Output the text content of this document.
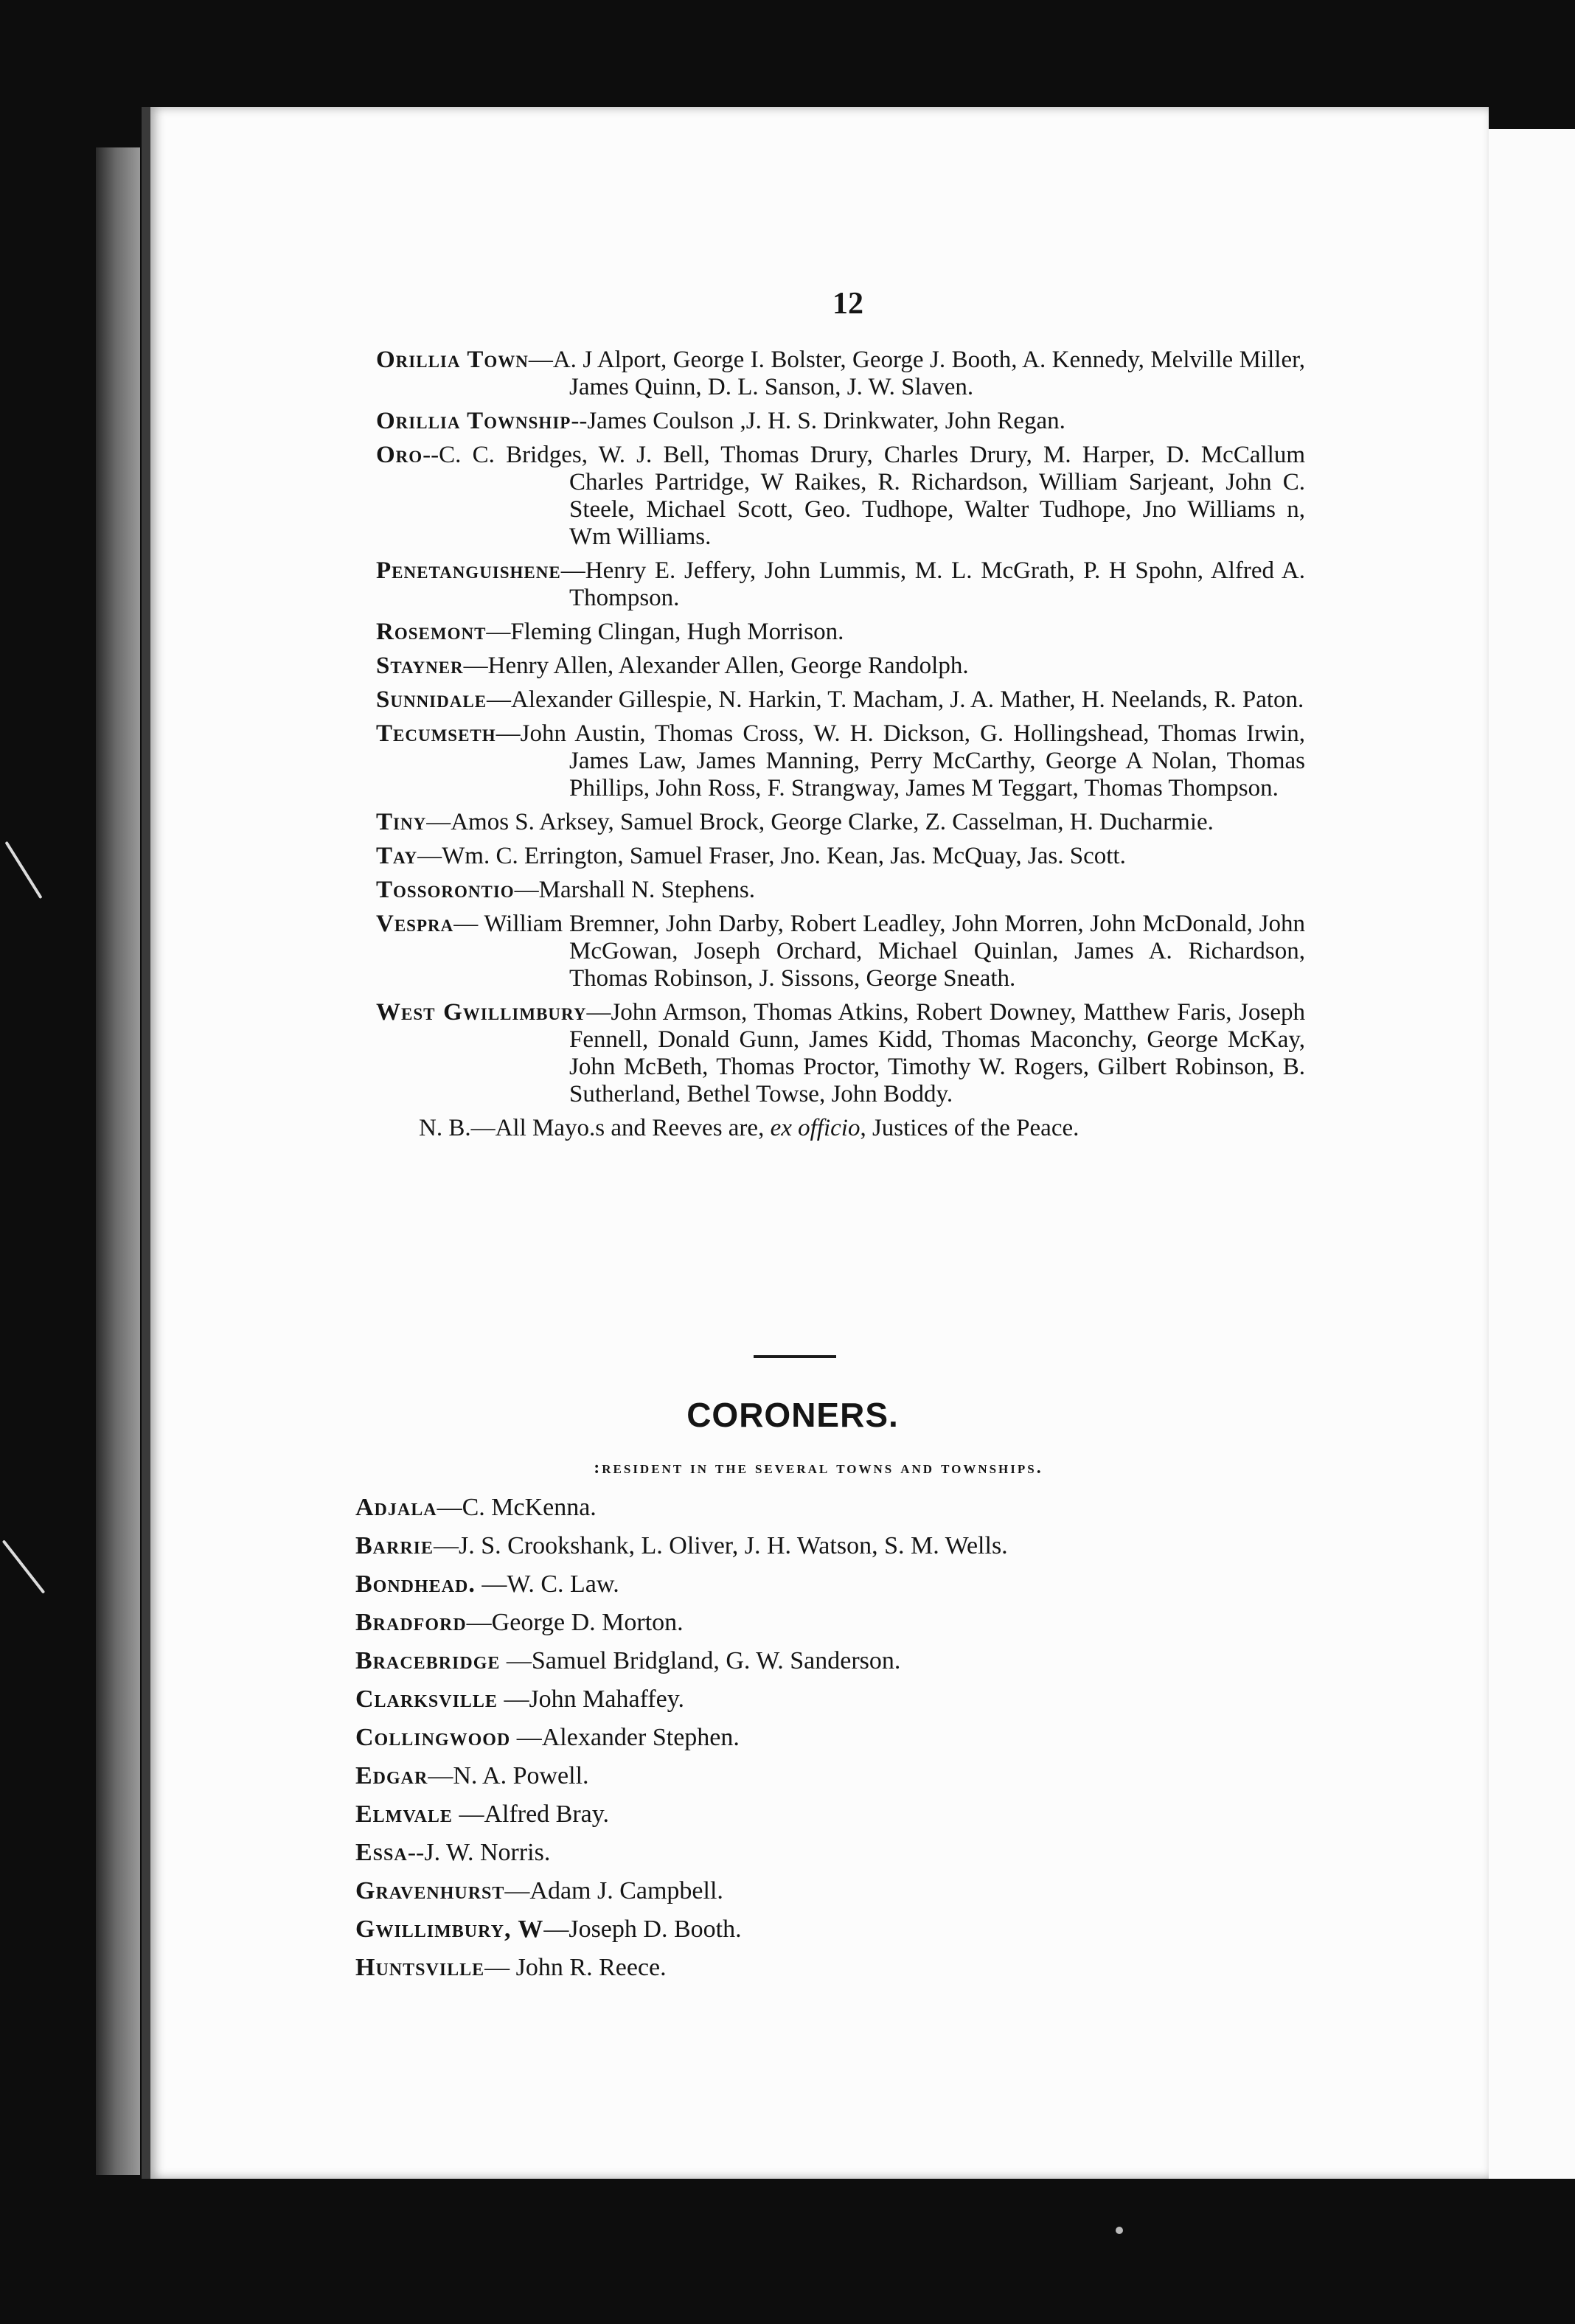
12
Orillia Town—A. J Alport, George I. Bolster, George J. Booth, A. Kennedy, Melville Miller, James Quinn, D. L. Sanson, J. W. Slaven.
Orillia Township--James Coulson ,J. H. S. Drinkwater, John Regan.
Oro--C. C. Bridges, W. J. Bell, Thomas Drury, Charles Drury, M. Harper, D. McCallum Charles Partridge, W Raikes, R. Richardson, William Sarjeant, John C. Steele, Michael Scott, Geo. Tudhope, Walter Tudhope, Jno Williams n, Wm Williams.
Penetanguishene—Henry E. Jeffery, John Lummis, M. L. McGrath, P. H Spohn, Alfred A. Thompson.
Rosemont—Fleming Clingan, Hugh Morrison.
Stayner—Henry Allen, Alexander Allen, George Randolph.
Sunnidale—Alexander Gillespie, N. Harkin, T. Macham, J. A. Mather, H. Neelands, R. Paton.
Tecumseth—John Austin, Thomas Cross, W. H. Dickson, G. Hollingshead, Thomas Irwin, James Law, James Manning, Perry McCarthy, George A Nolan, Thomas Phillips, John Ross, F. Strangway, James M Teggart, Thomas Thompson.
Tiny—Amos S. Arksey, Samuel Brock, George Clarke, Z. Casselman, H. Ducharmie.
Tay—Wm. C. Errington, Samuel Fraser, Jno. Kean, Jas. McQuay, Jas. Scott.
Tossorontio—Marshall N. Stephens.
Vespra— William Bremner, John Darby, Robert Leadley, John Morren, John McDonald, John McGowan, Joseph Orchard, Michael Quinlan, James A. Richardson, Thomas Robinson, J. Sissons, George Sneath.
West Gwillimbury—John Armson, Thomas Atkins, Robert Downey, Matthew Faris, Joseph Fennell, Donald Gunn, James Kidd, Thomas Maconchy, George McKay, John McBeth, Thomas Proctor, Timothy W. Rogers, Gilbert Robinson, B. Sutherland, Bethel Towse, John Boddy.
N. B.—All Mayo.s and Reeves are, ex officio, Justices of the Peace.
CORONERS.
:resident in the several towns and townships.
Adjala—C. McKenna.
Barrie—J. S. Crookshank, L. Oliver, J. H. Watson, S. M. Wells.
Bondhead. —W. C. Law.
Bradford—George D. Morton.
Bracebridge —Samuel Bridgland, G. W. Sanderson.
Clarksville —John Mahaffey.
Collingwood —Alexander Stephen.
Edgar—N. A. Powell.
Elmvale —Alfred Bray.
Essa--J. W. Norris.
Gravenhurst—Adam J. Campbell.
Gwillimbury, W—Joseph D. Booth.
Huntsville— John R. Reece.
